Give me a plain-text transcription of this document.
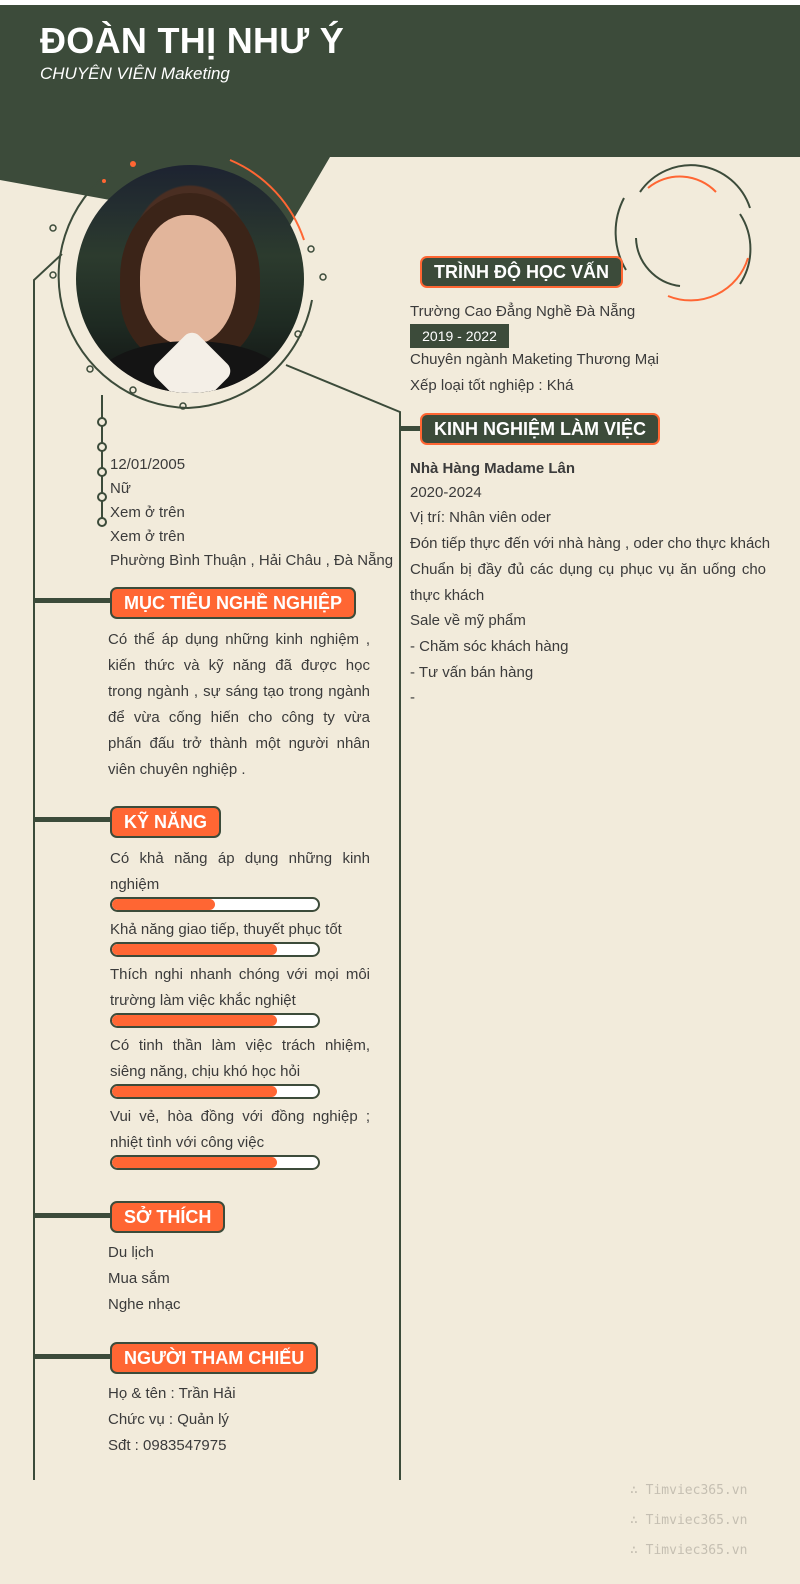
ĐOÀN THỊ NHƯ Ý
CHUYÊN VIÊN Maketing
12/01/2005
Nữ
Xem ở trên
Xem ở trên
Phường Bình Thuận , Hải Châu , Đà Nẵng
MỤC TIÊU NGHỀ NGHIỆP
Có thể áp dụng những kinh nghiệm , kiến thức và kỹ năng đã được học trong ngành , sự sáng tạo trong ngành để vừa cống hiến cho công ty vừa phấn đấu trở thành một người nhân viên chuyên nghiệp .
KỸ NĂNG
Có khả năng áp dụng những kinh nghiệm
Khả năng giao tiếp, thuyết phục tốt
Thích nghi nhanh chóng với mọi môi trường làm việc khắc nghiệt
Có tinh thần làm việc trách nhiệm, siêng năng, chịu khó học hỏi
Vui vẻ, hòa đồng với đồng nghiệp ; nhiệt tình với công việc
SỞ THÍCH
Du lịch
Mua sắm
Nghe nhạc
NGƯỜI THAM CHIẾU
Họ & tên : Trần Hải
Chức vụ : Quản lý
Sđt : 0983547975
TRÌNH ĐỘ HỌC VẤN
Trường Cao Đẳng Nghề Đà Nẵng
2019 - 2022
Chuyên ngành Maketing Thương Mại
Xếp loại tốt nghiệp : Khá
KINH NGHIỆM LÀM VIỆC
Nhà Hàng Madame Lân
2020-2024
Vị trí: Nhân viên oder
Đón tiếp thực đến với nhà hàng , oder cho thực khách
Chuẩn bị đầy đủ các dụng cụ phục vụ ăn uống cho thực khách
Sale về mỹ phẩm
- Chăm sóc khách hàng
- Tư vấn bán hàng
-
∴ Timviec365.vn
∴ Timviec365.vn
∴ Timviec365.vn
